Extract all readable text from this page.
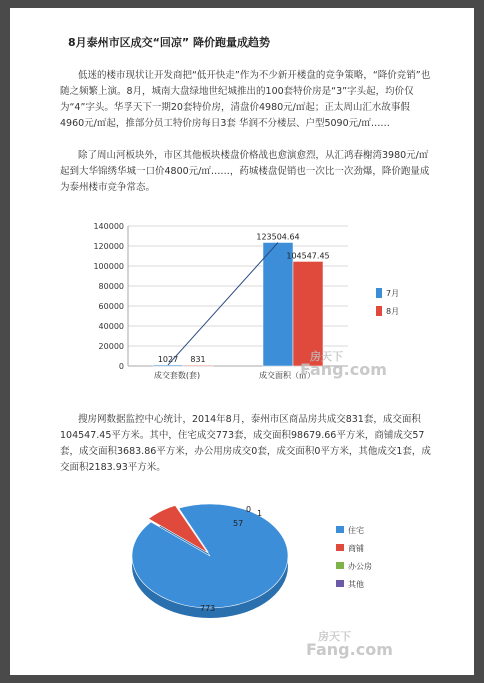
8月泰州市区成交“回凉” 降价跑量成趋势

低迷的楼市现状让开发商把“低开快走”作为不少新开楼盘的竞争策略，“降价竞销”也随之频繁上演。8月，城南大盘绿地世纪城推出的100套特价房是“3”字头起，均价仅为“4”字头。华孚天下一期20套特价房，清盘价4980元/㎡起；正太周山汇水故事假4960元/㎡起，推部分员工特价房每日3套 华润不分楼层、户型5090元/㎡……

除了周山河板块外，市区其他板块楼盘价格战也愈演愈烈，从汇鸿春榭湾3980元/㎡起到大华锦绣华城一口价4800元/㎡……，药城楼盘促销也一次比一次劲爆，降价跑量成为泰州楼市竞争常态。

0
20000
40000
60000
80000
100000
120000
140000
成交套数(套)
1027 831
成交面积（㎡）
123504.64
104547.45
7月
8月
房天下
Fang.com

搜房网数据监控中心统计，2014年8月，泰州市区商品房共成交831套，成交面积104547.45平方米。其中，住宅成交773套，成交面积98679.66平方米，商铺成交57套，成交面积3683.86平方米，办公用房成交0套，成交面积0平方米，其他成交1套，成交面积2183.93平方米。

773
57
0 1
住宅
商铺
办公房
其他
房天下
Fang.com
